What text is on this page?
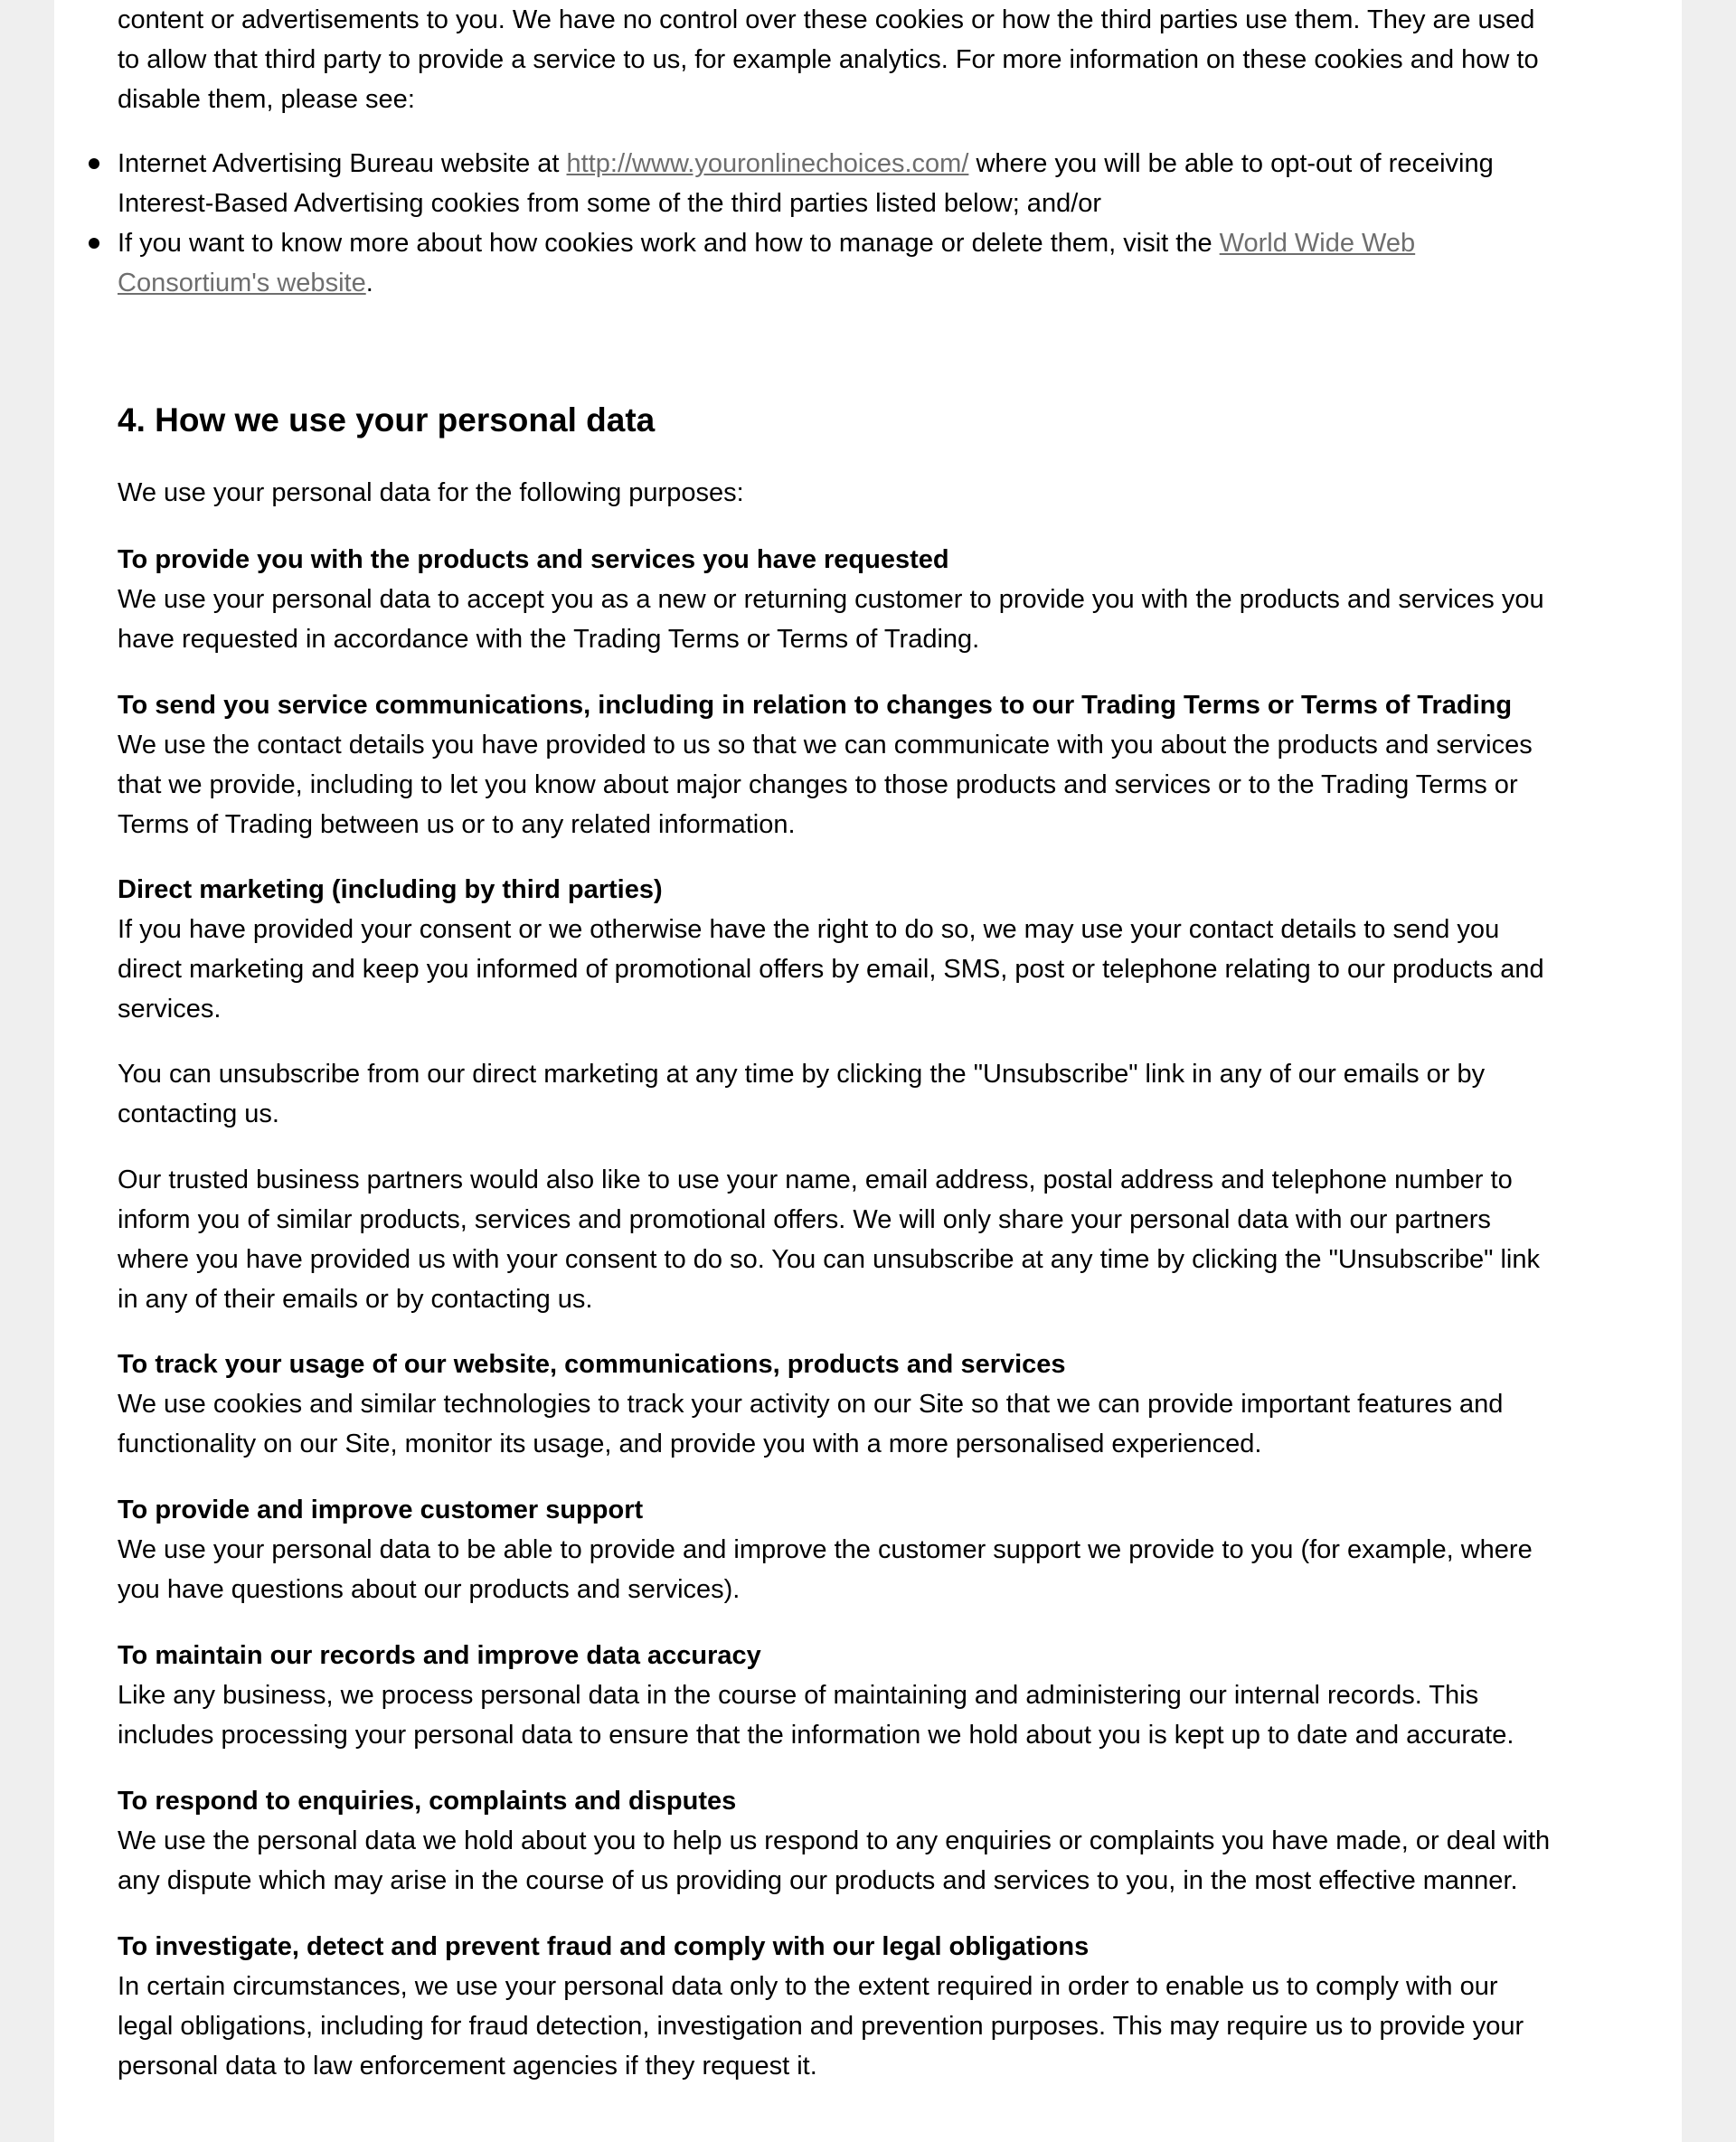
content or advertisements to you. We have no control over these cookies or how the third parties use them. They are used
to allow that third party to provide a service to us, for example analytics. For more information on these cookies and how to
disable them, please see:
Internet Advertising Bureau website at http://www.youronlinechoices.com/ where you will be able to opt-out of receiving
Interest-Based Advertising cookies from some of the third parties listed below; and/or
If you want to know more about how cookies work and how to manage or delete them, visit the World Wide Web
Consortium's website.
4. How we use your personal data
We use your personal data for the following purposes:
To provide you with the products and services you have requested
We use your personal data to accept you as a new or returning customer to provide you with the products and services you
have requested in accordance with the Trading Terms or Terms of Trading.
To send you service communications, including in relation to changes to our Trading Terms or Terms of Trading
We use the contact details you have provided to us so that we can communicate with you about the products and services
that we provide, including to let you know about major changes to those products and services or to the Trading Terms or
Terms of Trading between us or to any related information.
Direct marketing (including by third parties)
If you have provided your consent or we otherwise have the right to do so, we may use your contact details to send you
direct marketing and keep you informed of promotional offers by email, SMS, post or telephone relating to our products and
services.
You can unsubscribe from our direct marketing at any time by clicking the "Unsubscribe" link in any of our emails or by
contacting us.
Our trusted business partners would also like to use your name, email address, postal address and telephone number to
inform you of similar products, services and promotional offers. We will only share your personal data with our partners
where you have provided us with your consent to do so. You can unsubscribe at any time by clicking the "Unsubscribe" link
in any of their emails or by contacting us.
To track your usage of our website, communications, products and services
We use cookies and similar technologies to track your activity on our Site so that we can provide important features and
functionality on our Site, monitor its usage, and provide you with a more personalised experienced.
To provide and improve customer support
We use your personal data to be able to provide and improve the customer support we provide to you (for example, where
you have questions about our products and services).
To maintain our records and improve data accuracy
Like any business, we process personal data in the course of maintaining and administering our internal records. This
includes processing your personal data to ensure that the information we hold about you is kept up to date and accurate.
To respond to enquiries, complaints and disputes
We use the personal data we hold about you to help us respond to any enquiries or complaints you have made, or deal with
any dispute which may arise in the course of us providing our products and services to you, in the most effective manner.
To investigate, detect and prevent fraud and comply with our legal obligations
In certain circumstances, we use your personal data only to the extent required in order to enable us to comply with our
legal obligations, including for fraud detection, investigation and prevention purposes. This may require us to provide your
personal data to law enforcement agencies if they request it.
